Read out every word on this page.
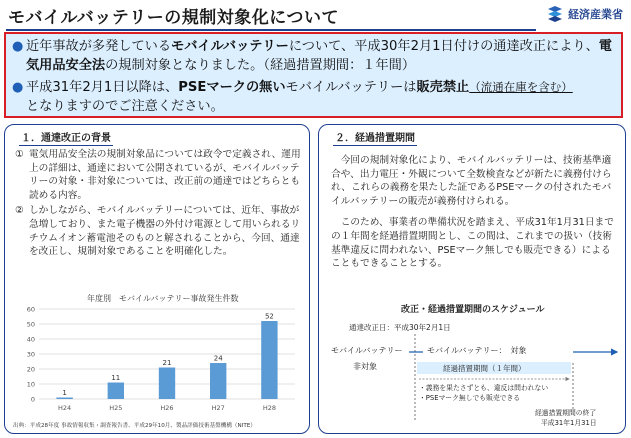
モバイルバッテリーの規制対象化について	経済産業省
● 近年事故が多発しているモバイルバッテリーについて、平成30年2月1日付けの通達改正により、電気用品安全法の規制対象となりました。（経過措置期間：１年間）
● 平成31年2月1日以降は、PSEマークの無いモバイルバッテリーは販売禁止（流通在庫を含む）
となりますのでご注意ください。
１．通達改正の背景
① 電気用品安全法の規制対象品については政令で定義され、運用上の詳細は、通達において公開されているが、モバイルバッテリーの対象・非対象については、改正前の通達ではどちらとも読める内容。
② しかしながら、モバイルバッテリーについては、近年、事故が急増しており、また電子機器の外付け電源として用いられるリチウムイオン蓄電池そのものと解されることから、今回、通達を改正し、規制対象であることを明確化した。
年度別　モバイルバッテリー事故発生件数
0
10
20
30
40
50
60
1
H24
11
H25
21
H26
24
H27
52
H28
出典：平成28年度 事故情報収集・調査報告書、平成29年10月、製品評価技術基盤機構（NITE）
２．経過措置期間
今回の規制対象化により、モバイルバッテリーは、技術基準適合や、出力電圧・外観について全数検査などが新たに義務付けられ、これらの義務を果たした証であるPSEマークの付されたモバイルバッテリーの販売が義務付けられる。
このため、事業者の準備状況を踏まえ、平成31年1月31日までの１年間を経過措置期間とし、この間は、これまでの扱い（技術基準違反に問われない、PSEマーク無しでも販売できる）によることもできることとする。
改正・経過措置期間のスケジュール
通達改正日：平成30年2月1日
モバイルバッテリー	モバイルバッテリー：　対象
非対象	経過措置期間（１年間）
・義務を果たさずとも、違反は問われない
・PSEマーク無しでも販売できる
経過措置期間の終了
平成31年1月31日
